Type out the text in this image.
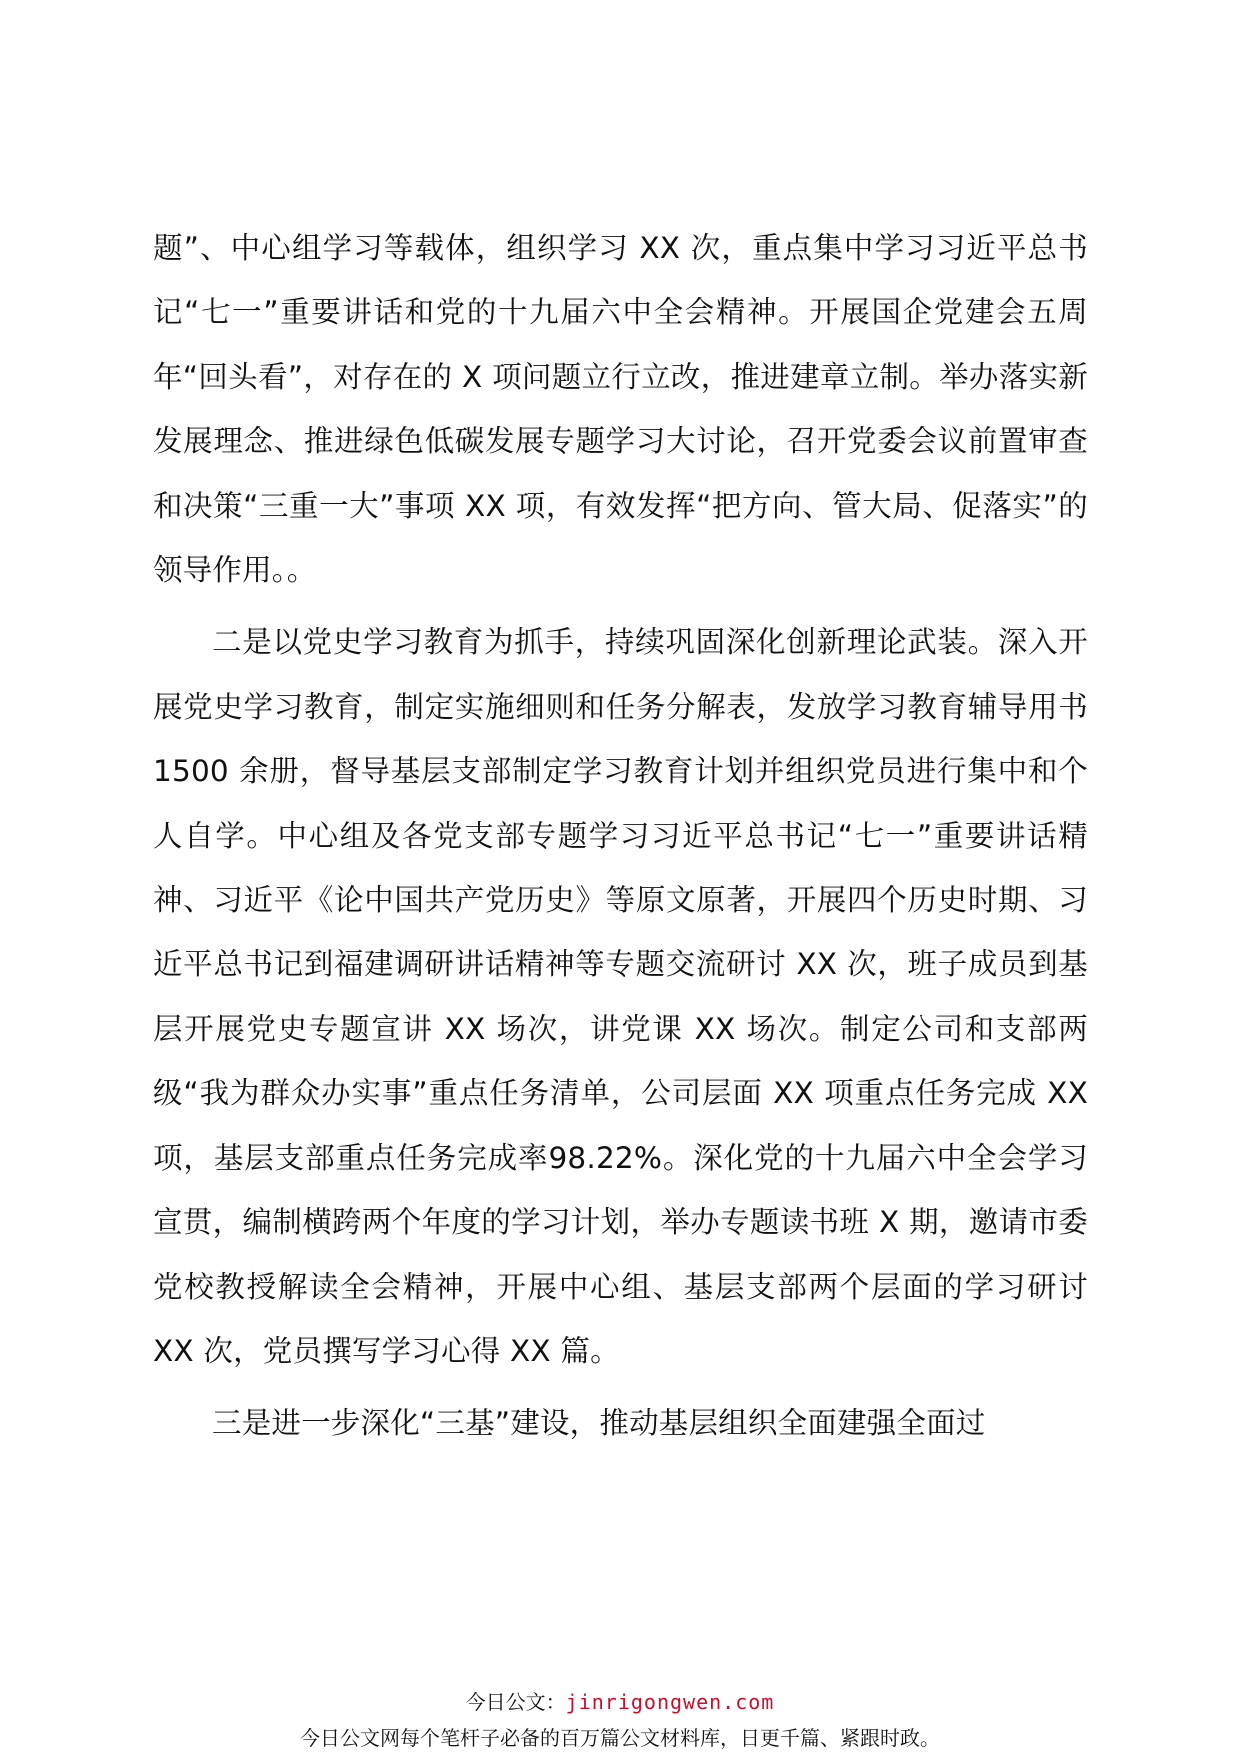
题”、中心组学习等载体，组织学习 XX 次，重点集中学习习近平总书记“七一”重要讲话和党的十九届六中全会精神。开展国企党建会五周年“回头看”，对存在的 X 项问题立行立改，推进建章立制。举办落实新发展理念、推进绿色低碳发展专题学习大讨论，召开党委会议前置审查和决策“三重一大”事项 XX 项，有效发挥“把方向、管大局、促落实”的领导作用。。

二是以党史学习教育为抓手，持续巩固深化创新理论武装。深入开展党史学习教育，制定实施细则和任务分解表，发放学习教育辅导用书 1500 余册，督导基层支部制定学习教育计划并组织党员进行集中和个人自学。中心组及各党支部专题学习习近平总书记“七一”重要讲话精神、习近平《论中国共产党历史》等原文原著，开展四个历史时期、习近平总书记到福建调研讲话精神等专题交流研讨 XX 次，班子成员到基层开展党史专题宣讲 XX 场次，讲党课 XX 场次。制定公司和支部两级“我为群众办实事”重点任务清单，公司层面 XX 项重点任务完成 XX 项，基层支部重点任务完成率98.22%。深化党的十九届六中全会学习宣贯，编制横跨两个年度的学习计划，举办专题读书班 X 期，邀请市委党校教授解读全会精神，开展中心组、基层支部两个层面的学习研讨 XX 次，党员撰写学习心得 XX 篇。

三是进一步深化“三基”建设，推动基层组织全面建强全面过

今日公文：jinrigongwen.com
今日公文网每个笔杆子必备的百万篇公文材料库，日更千篇、紧跟时政。
